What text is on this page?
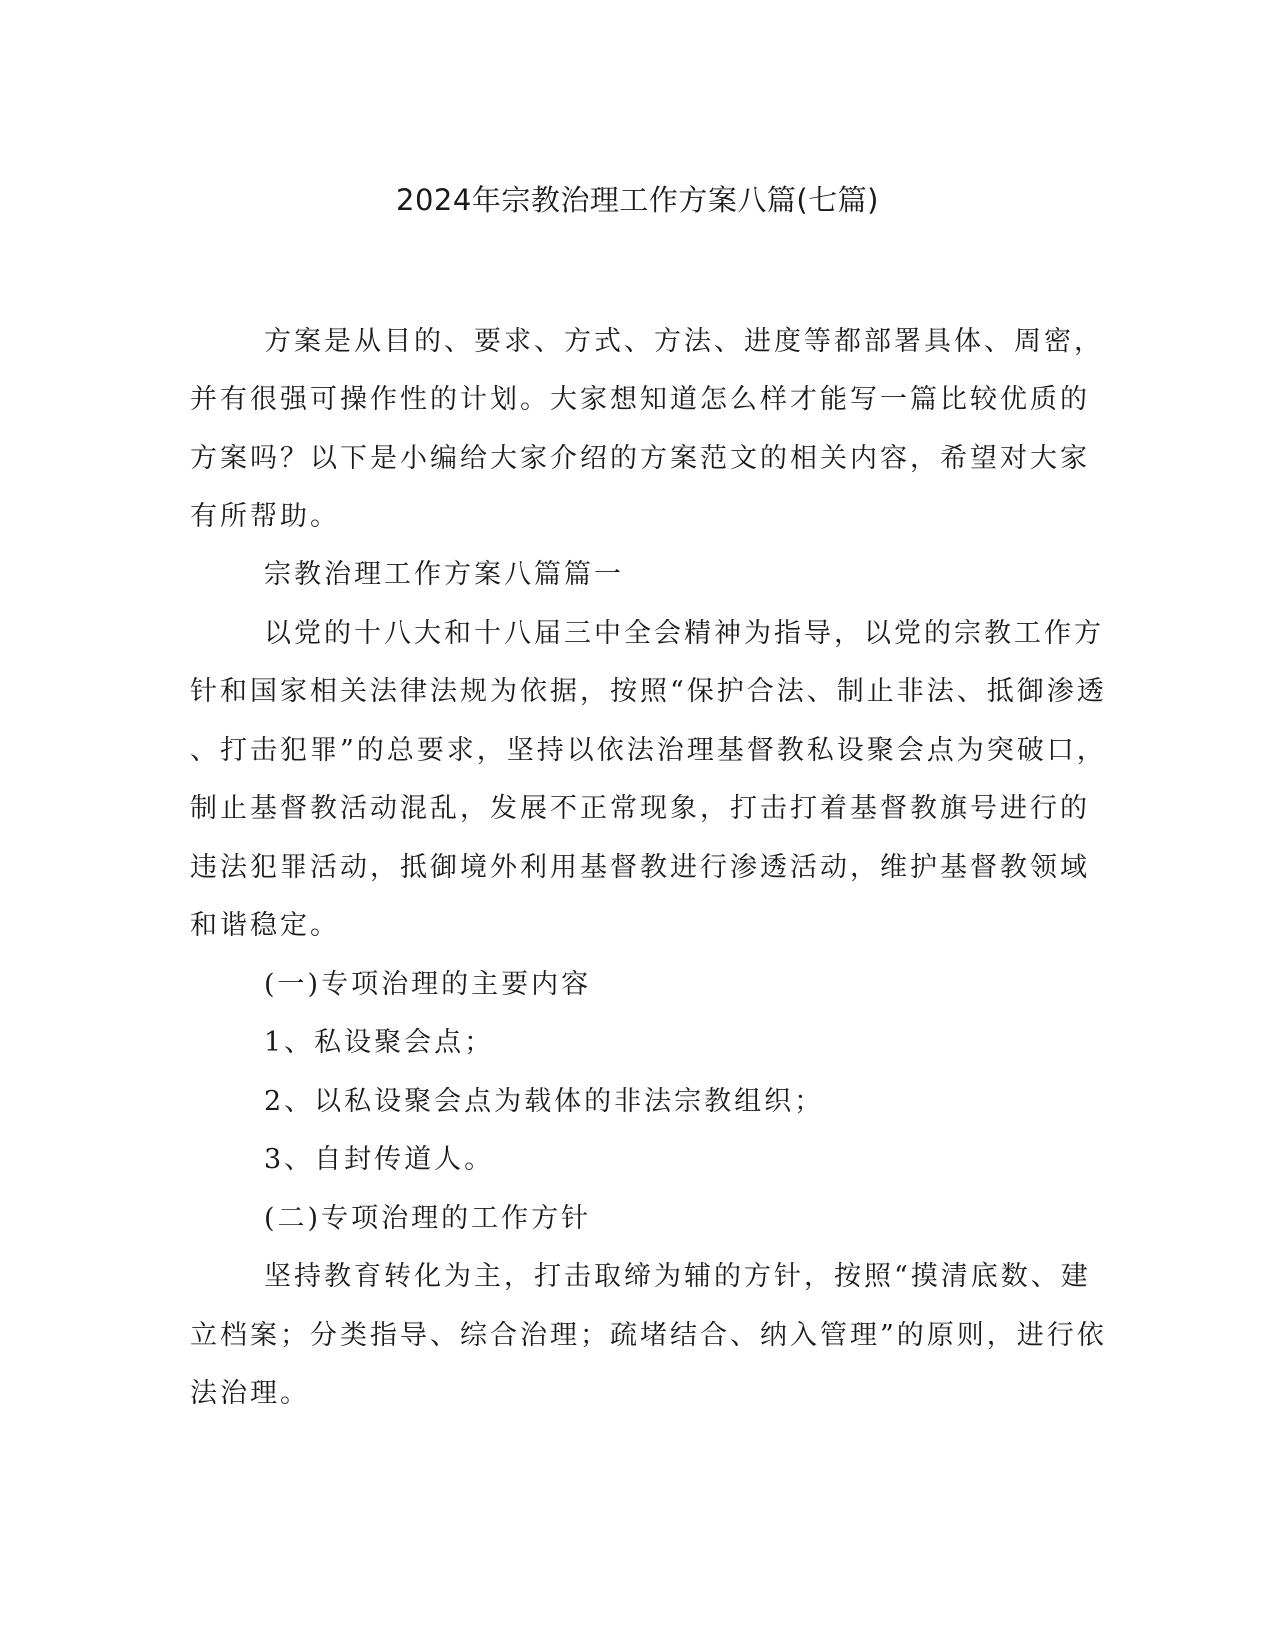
2024年宗教治理工作方案八篇(七篇)

方案是从目的、要求、方式、方法、进度等都部署具体、周密，

并有很强可操作性的计划。大家想知道怎么样才能写一篇比较优质的

方案吗？以下是小编给大家介绍的方案范文的相关内容，希望对大家

有所帮助。

宗教治理工作方案八篇篇一

以党的十八大和十八届三中全会精神为指导，以党的宗教工作方

针和国家相关法律法规为依据，按照“保护合法、制止非法、抵御渗透

、打击犯罪”的总要求，坚持以依法治理基督教私设聚会点为突破口，

制止基督教活动混乱，发展不正常现象，打击打着基督教旗号进行的

违法犯罪活动，抵御境外利用基督教进行渗透活动，维护基督教领域

和谐稳定。

(一)专项治理的主要内容

1、私设聚会点；

2、以私设聚会点为载体的非法宗教组织；

3、自封传道人。

(二)专项治理的工作方针

坚持教育转化为主，打击取缔为辅的方针，按照“摸清底数、建

立档案；分类指导、综合治理；疏堵结合、纳入管理”的原则，进行依

法治理。
